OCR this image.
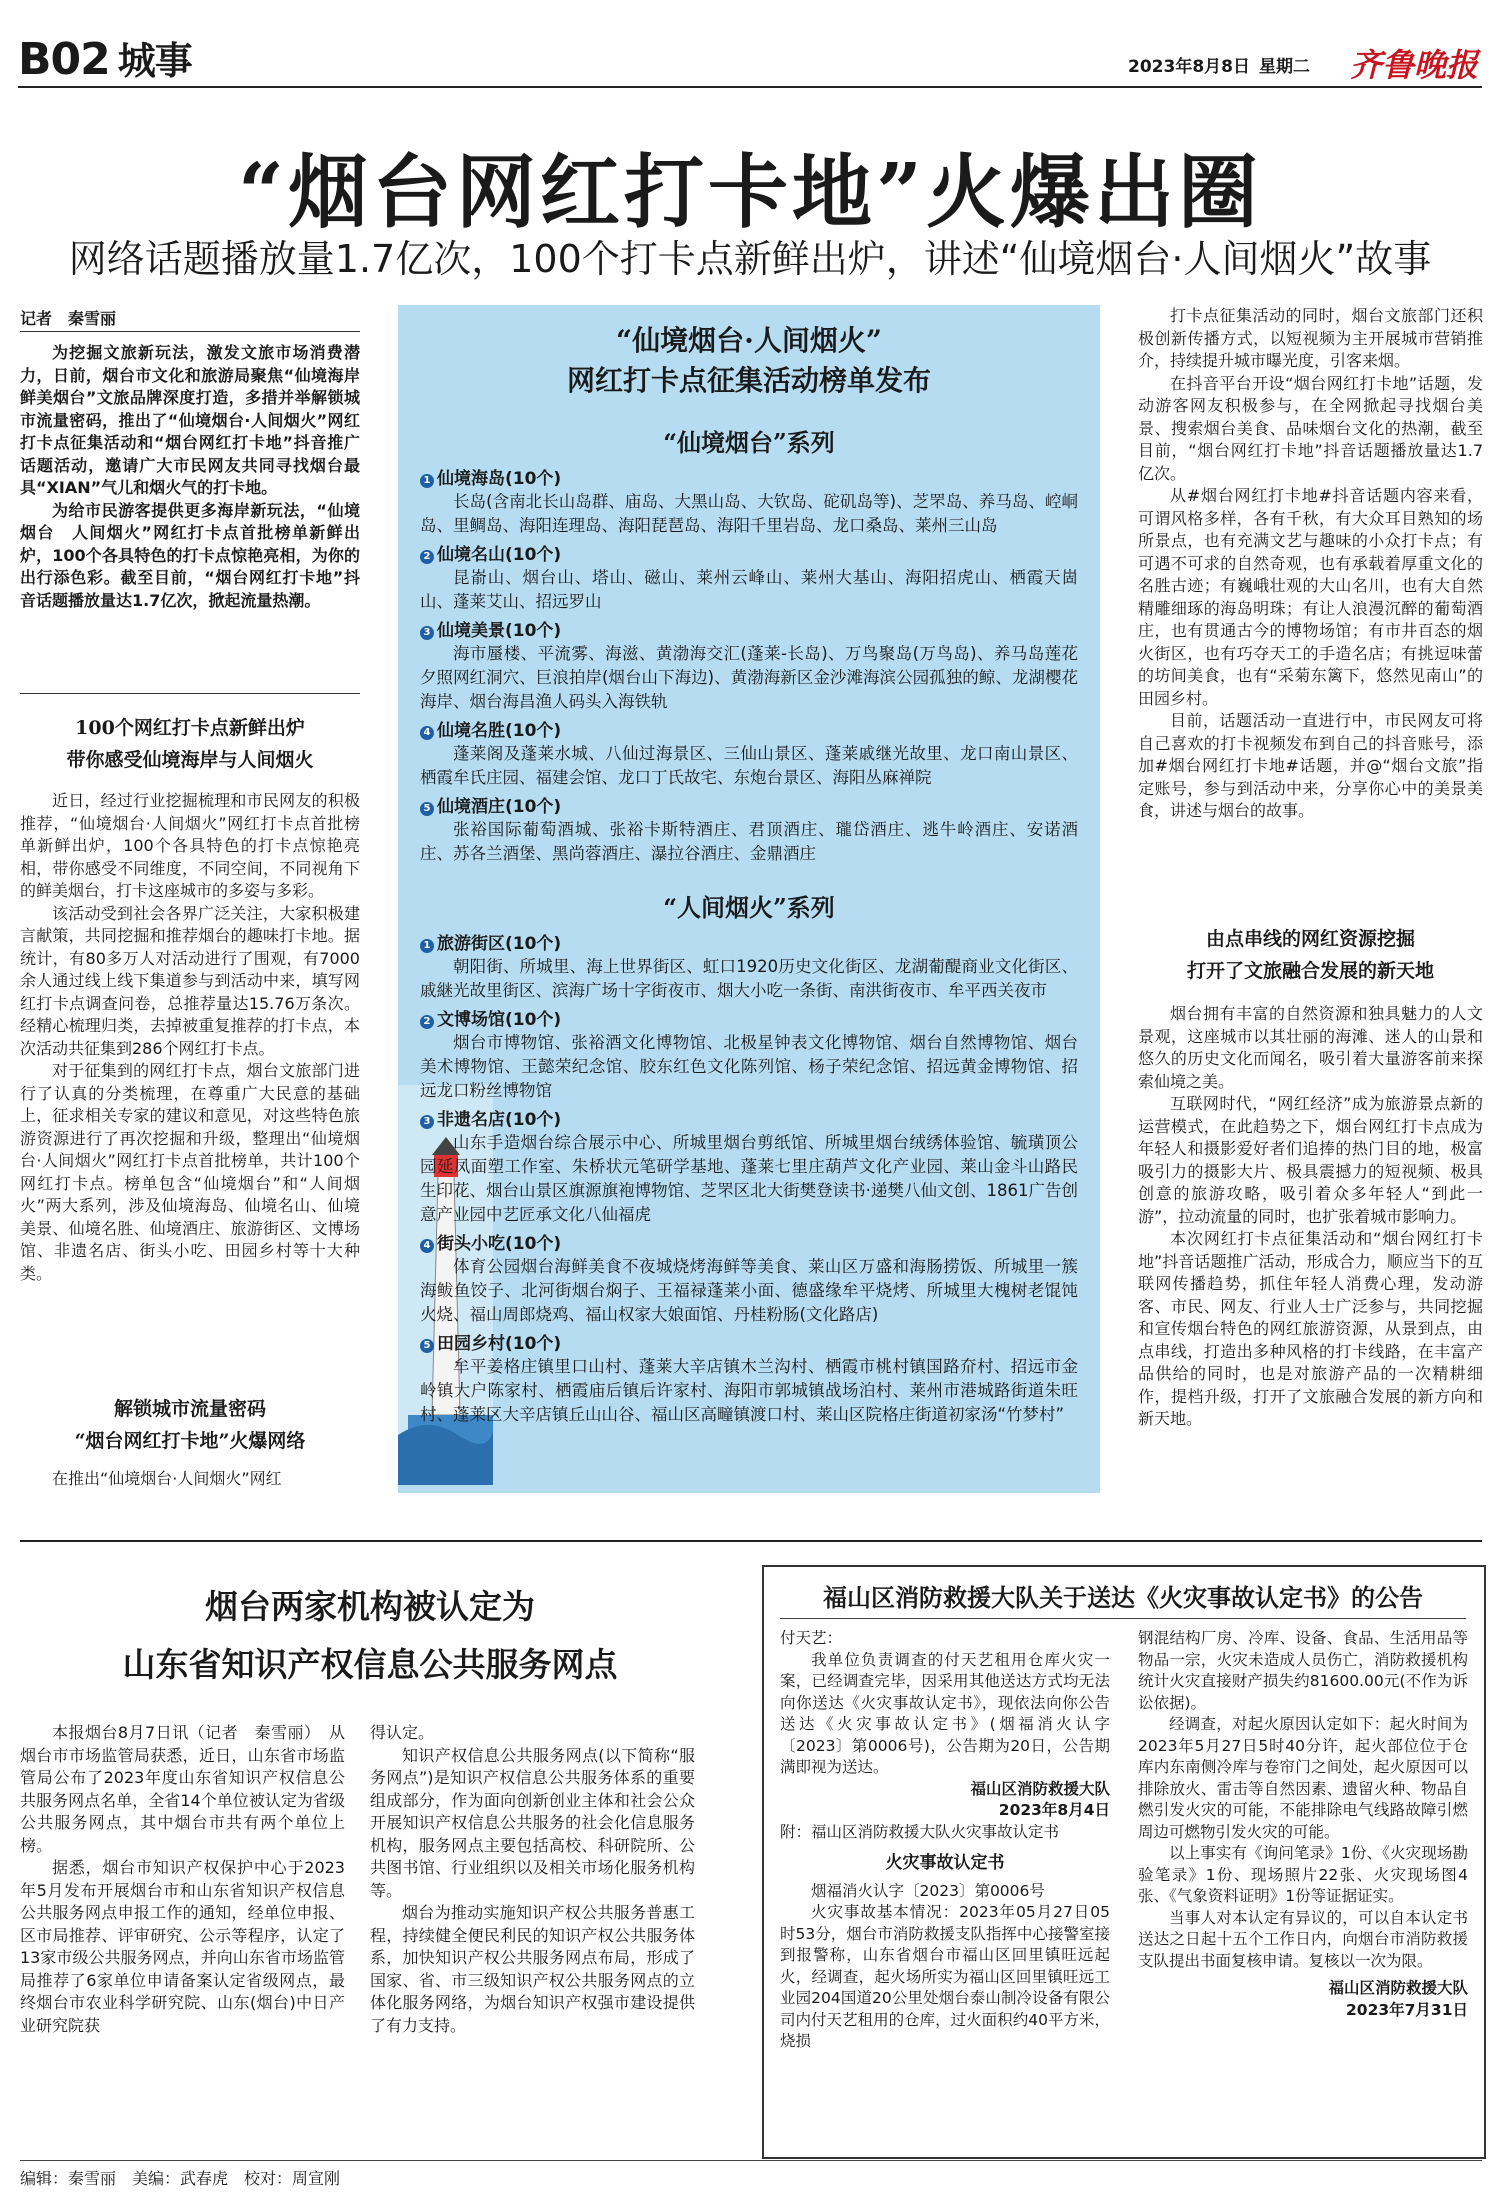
B02 城事	2023年8月8日 星期二 齐鲁晚报
“烟台网红打卡地”火爆出圈
网络话题播放量1.7亿次，100个打卡点新鲜出炉，讲述“仙境烟台·人间烟火”故事
记者　秦雪丽

为挖掘文旅新玩法，激发文旅市场消费潜力，日前，烟台市文化和旅游局聚焦“仙境海岸　鲜美烟台”文旅品牌深度打造，多措并举解锁城市流量密码，推出了“仙境烟台·人间烟火”网红打卡点征集活动和“烟台网红打卡地”抖音推广话题活动，邀请广大市民网友共同寻找烟台最具“XIAN”气儿和烟火气的打卡地。

为给市民游客提供更多海岸新玩法，“仙境烟台　人间烟火”网红打卡点首批榜单新鲜出炉，100个各具特色的打卡点惊艳亮相，为你的出行添色彩。截至目前，“烟台网红打卡地”抖音话题播放量达1.7亿次，掀起流量热潮。

100个网红打卡点新鲜出炉
带你感受仙境海岸与人间烟火

近日，经过行业挖掘梳理和市民网友的积极推荐，“仙境烟台·人间烟火”网红打卡点首批榜单新鲜出炉，100个各具特色的打卡点惊艳亮相，带你感受不同维度，不同空间，不同视角下的鲜美烟台，打卡这座城市的多姿与多彩。

该活动受到社会各界广泛关注，大家积极建言献策，共同挖掘和推荐烟台的趣味打卡地。据统计，有80多万人对活动进行了围观，有7000余人通过线上线下集道参与到活动中来，填写网红打卡点调查问卷，总推荐量达15.76万条次。经精心梳理归类，去掉被重复推荐的打卡点，本次活动共征集到286个网红打卡点。

对于征集到的网红打卡点，烟台文旅部门进行了认真的分类梳理，在尊重广大民意的基础上，征求相关专家的建议和意见，对这些特色旅游资源进行了再次挖掘和升级，整理出“仙境烟台·人间烟火”网红打卡点首批榜单，共计100个网红打卡点。榜单包含“仙境烟台”和“人间烟火”两大系列，涉及仙境海岛、仙境名山、仙境美景、仙境名胜、仙境酒庄、旅游街区、文博场馆、非遗名店、街头小吃、田园乡村等十大种类。

解锁城市流量密码
“烟台网红打卡地”火爆网络

在推出“仙境烟台·人间烟火”网红

“仙境烟台·人间烟火”
网红打卡点征集活动榜单发布
“仙境烟台”系列
1 仙境海岛(10个)
长岛(含南北长山岛群、庙岛、大黑山岛、大钦岛、砣矶岛等)、芝罘岛、养马岛、崆峒岛、里鲷岛、海阳连理岛、海阳琵琶岛、海阳千里岩岛、龙口桑岛、莱州三山岛
2 仙境名山(10个)
昆嵛山、烟台山、塔山、磁山、莱州云峰山、莱州大基山、海阳招虎山、栖霞天崮山、蓬莱艾山、招远罗山
3 仙境美景(10个)
海市蜃楼、平流雾、海滋、黄渤海交汇(蓬莱-长岛)、万鸟聚岛(万鸟岛)、养马岛莲花夕照网红洞穴、巨浪拍岸(烟台山下海边)、黄渤海新区金沙滩海滨公园孤独的鲸、龙湖樱花海岸、烟台海昌渔人码头入海铁轨
4 仙境名胜(10个)
蓬莱阁及蓬莱水城、八仙过海景区、三仙山景区、蓬莱戚继光故里、龙口南山景区、栖霞牟氏庄园、福建会馆、龙口丁氏故宅、东炮台景区、海阳丛麻禅院
5 仙境酒庄(10个)
张裕国际葡萄酒城、张裕卡斯特酒庄、君顶酒庄、瓏岱酒庄、逃牛岭酒庄、安诺酒庄、苏各兰酒堡、黑尚蓉酒庄、瀑拉谷酒庄、金鼎酒庄
“人间烟火”系列
1 旅游街区(10个)
朝阳街、所城里、海上世界街区、虹口1920历史文化街区、龙湖葡醍商业文化街区、戚継光故里街区、滨海广场十字街夜市、烟大小吃一条街、南洪街夜市、牟平西关夜市
2 文博场馆(10个)
烟台市博物馆、张裕酒文化博物馆、北极星钟表文化博物馆、烟台自然博物馆、烟台美术博物馆、王懿荣纪念馆、胶东红色文化陈列馆、杨子荣纪念馆、招远黄金博物馆、招远龙口粉丝博物馆
3 非遗名店(10个)
山东手造烟台综合展示中心、所城里烟台剪纸馆、所城里烟台绒绣体验馆、毓璜顶公园延凤面塑工作室、朱桥状元笔研学基地、蓬莱七里庄葫芦文化产业园、莱山金斗山路民生印花、烟台山景区旗源旗袍博物馆、芝罘区北大街樊登读书·递樊八仙文创、1861广告创意产业园中艺匠承文化八仙福虎
4 街头小吃(10个)
体育公园烟台海鲜美食不夜城烧烤海鲜等美食、莱山区万盛和海肠捞饭、所城里一簇海鲅鱼饺子、北河街烟台焖子、王福禄蓬莱小面、德盛缘牟平烧烤、所城里大槐树老馄饨火烧、福山周郎烧鸡、福山权家大娘面馆、丹桂粉肠(文化路店)
5 田园乡村(10个)
牟平姜格庄镇里口山村、蓬莱大辛店镇木兰沟村、栖霞市桃村镇国路夼村、招远市金岭镇大户陈家村、栖霞庙后镇后许家村、海阳市郭城镇战场泊村、莱州市港城路街道朱旺村、蓬莱区大辛店镇丘山山谷、福山区高疃镇渡口村、莱山区院格庄街道初家汤“竹梦村”

打卡点征集活动的同时，烟台文旅部门还积极创新传播方式，以短视频为主开展城市营销推介，持续提升城市曝光度，引客来烟。

在抖音平台开设“烟台网红打卡地”话题，发动游客网友积极参与，在全网掀起寻找烟台美景、搜索烟台美食、品味烟台文化的热潮，截至目前，“烟台网红打卡地”抖音话题播放量达1.7亿次。

从#烟台网红打卡地#抖音话题内容来看，可谓风格多样，各有千秋，有大众耳目熟知的场所景点，也有充满文艺与趣味的小众打卡点；有可遇不可求的自然奇观，也有承载着厚重文化的名胜古迹；有巍峨壮观的大山名川，也有大自然精雕细琢的海岛明珠；有让人浪漫沉醉的葡萄酒庄，也有贯通古今的博物场馆；有市井百态的烟火街区，也有巧夺天工的手造名店；有挑逗味蕾的坊间美食，也有“采菊东篱下，悠然见南山”的田园乡村。

目前，话题活动一直进行中，市民网友可将自己喜欢的打卡视频发布到自己的抖音账号，添加#烟台网红打卡地#话题，并@“烟台文旅”指定账号，参与到活动中来，分享你心中的美景美食，讲述与烟台的故事。

由点串线的网红资源挖掘
打开了文旅融合发展的新天地

烟台拥有丰富的自然资源和独具魅力的人文景观，这座城市以其壮丽的海滩、迷人的山景和悠久的历史文化而闻名，吸引着大量游客前来探索仙境之美。

互联网时代，“网红经济”成为旅游景点新的运营模式，在此趋势之下，烟台网红打卡点成为年轻人和摄影爱好者们追捧的热门目的地，极富吸引力的摄影大片、极具震撼力的短视频、极具创意的旅游攻略，吸引着众多年轻人“到此一游”，拉动流量的同时，也扩张着城市影响力。

本次网红打卡点征集活动和“烟台网红打卡地”抖音话题推广活动，形成合力，顺应当下的互联网传播趋势，抓住年轻人消费心理，发动游客、市民、网友、行业人士广泛参与，共同挖掘和宣传烟台特色的网红旅游资源，从景到点，由点串线，打造出多种风格的打卡线路，在丰富产品供给的同时，也是对旅游产品的一次精耕细作，提档升级，打开了文旅融合发展的新方向和新天地。

烟台两家机构被认定为
山东省知识产权信息公共服务网点

本报烟台8月7日讯（记者　秦雪丽）　从烟台市市场监管局获悉，近日，山东省市场监管局公布了2023年度山东省知识产权信息公共服务网点名单，全省14个单位被认定为省级公共服务网点，其中烟台市共有两个单位上榜。

据悉，烟台市知识产权保护中心于2023年5月发布开展烟台市和山东省知识产权信息公共服务网点申报工作的通知，经单位申报、区市局推荐、评审研究、公示等程序，认定了13家市级公共服务网点，并向山东省市场监管局推荐了6家单位申请备案认定省级网点，最终烟台市农业科学研究院、山东(烟台)中日产业研究院获

得认定。

知识产权信息公共服务网点(以下简称“服务网点”)是知识产权信息公共服务体系的重要组成部分，作为面向创新创业主体和社会公众开展知识产权信息公共服务的社会化信息服务机构，服务网点主要包括高校、科研院所、公共图书馆、行业组织以及相关市场化服务机构等。

烟台为推动实施知识产权公共服务普惠工程，持续健全便民利民的知识产权公共服务体系，加快知识产权公共服务网点布局，形成了国家、省、市三级知识产权公共服务网点的立体化服务网络，为烟台知识产权强市建设提供了有力支持。

福山区消防救援大队关于送达《火灾事故认定书》的公告

付天艺：

我单位负责调查的付天艺租用仓库火灾一案，已经调查完毕，因采用其他送达方式均无法向你送达《火灾事故认定书》，现依法向你公告送达《火灾事故认定书》(烟福消火认字〔2023〕第0006号)，公告期为20日，公告期满即视为送达。

福山区消防救援大队

2023年8月4日

附：福山区消防救援大队火灾事故认定书

火灾事故认定书

烟福消火认字〔2023〕第0006号

火灾事故基本情况：2023年05月27日05时53分，烟台市消防救援支队指挥中心接警室接到报警称，山东省烟台市福山区回里镇旺远起火，经调查，起火场所实为福山区回里镇旺远工业园204国道20公里处烟台泰山制冷设备有限公司内付天艺租用的仓库，过火面积约40平方米，烧损

钢混结构厂房、冷库、设备、食品、生活用品等物品一宗，火灾未造成人员伤亡，消防救援机构统计火灾直接财产损失约81600.00元(不作为诉讼依据)。

经调查，对起火原因认定如下：起火时间为2023年5月27日5时40分许，起火部位位于仓库内东南侧冷库与卷帘门之间处，起火原因可以排除放火、雷击等自然因素、遗留火种、物品自燃引发火灾的可能，不能排除电气线路故障引燃周边可燃物引发火灾的可能。

以上事实有《询问笔录》1份、《火灾现场勘验笔录》1份、现场照片22张、火灾现场图4张、《气象资料证明》1份等证据证实。

当事人对本认定有异议的，可以自本认定书送达之日起十五个工作日内，向烟台市消防救援支队提出书面复核申请。复核以一次为限。

福山区消防救援大队

2023年7月31日

编辑：秦雪丽　美编：武春虎　校对：周宣刚
